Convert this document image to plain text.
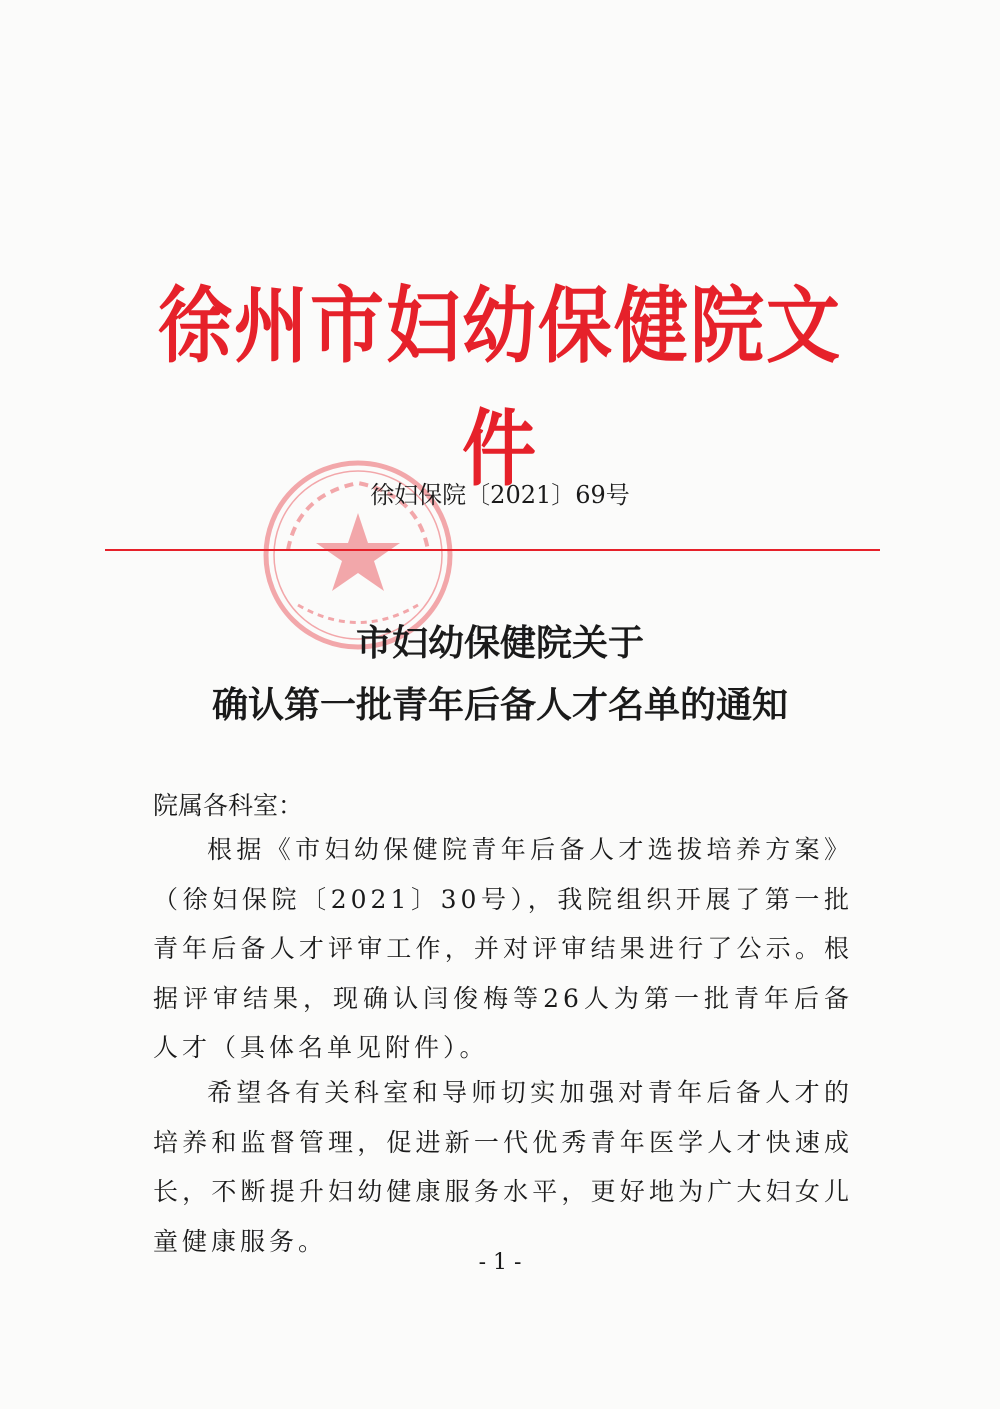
徐州市妇幼保健院文件
徐妇保院〔2021〕69号
市妇幼保健院关于
确认第一批青年后备人才名单的通知
院属各科室：
根据《市妇幼保健院青年后备人才选拔培养方案》（徐妇保院〔2021〕30号），我院组织开展了第一批青年后备人才评审工作，并对评审结果进行了公示。根据评审结果，现确认闫俊梅等26人为第一批青年后备人才（具体名单见附件）。
希望各有关科室和导师切实加强对青年后备人才的培养和监督管理，促进新一代优秀青年医学人才快速成长，不断提升妇幼健康服务水平，更好地为广大妇女儿童健康服务。
- 1 -
